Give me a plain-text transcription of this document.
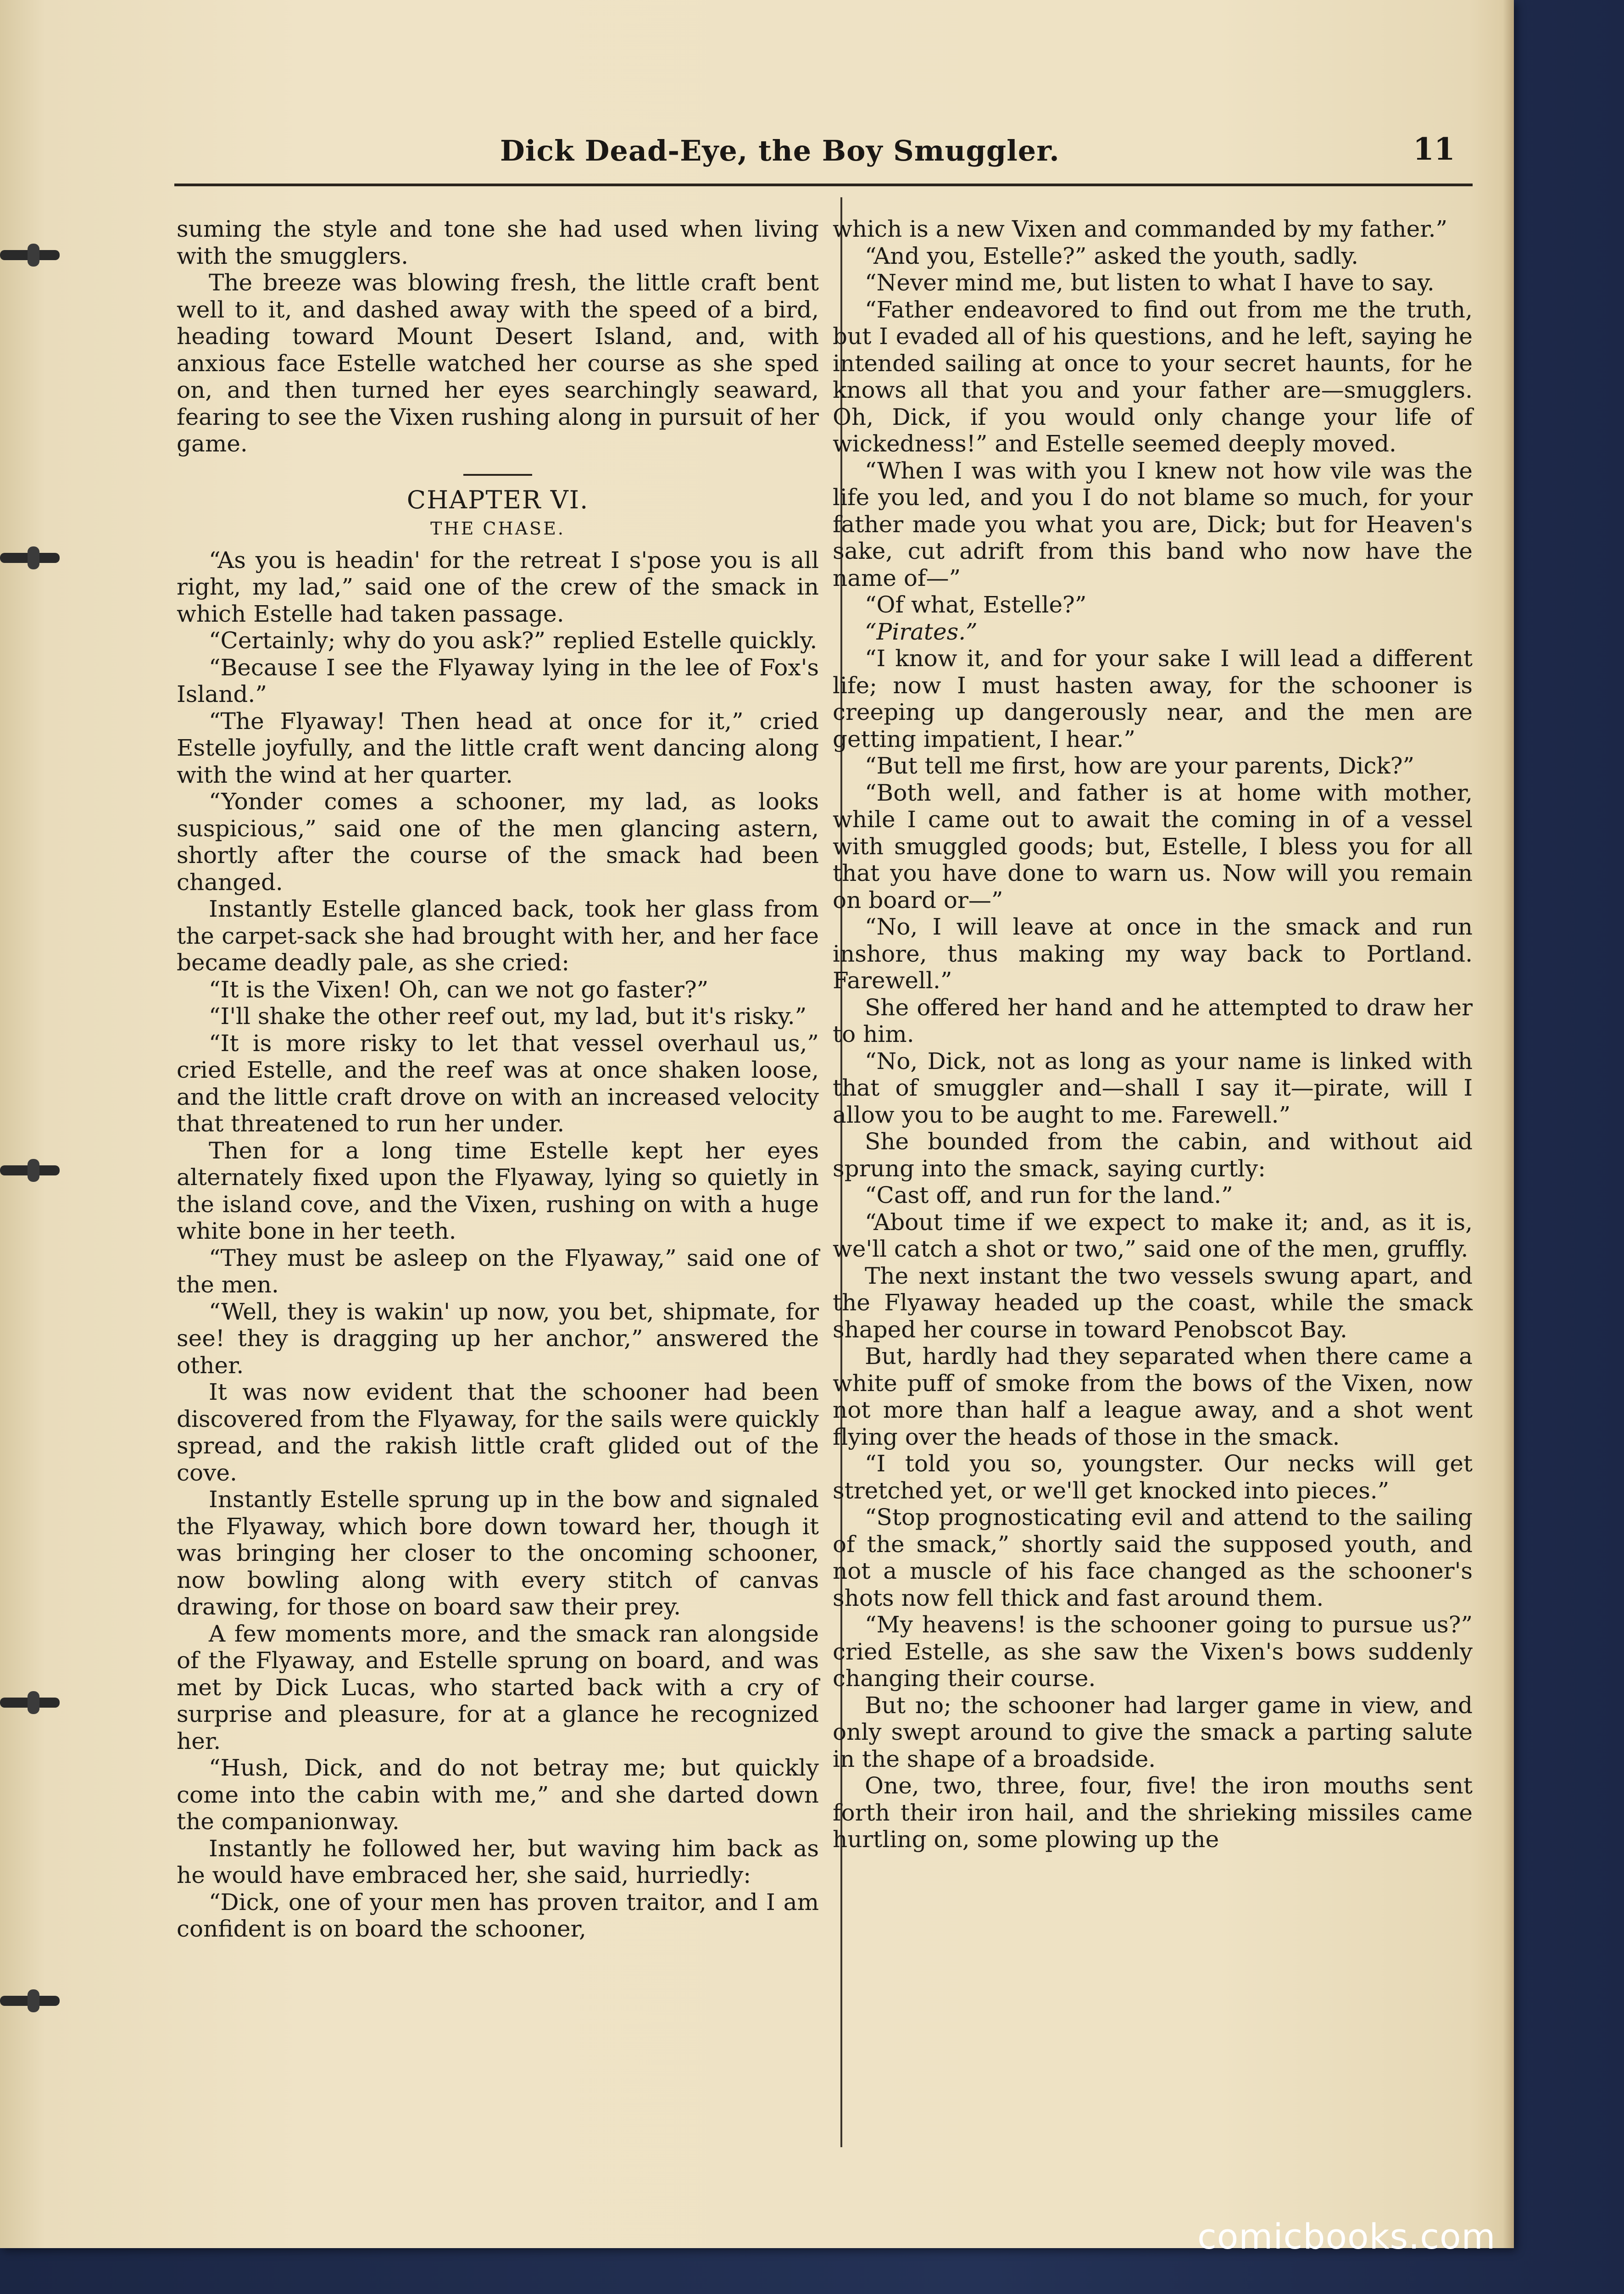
Dick Dead-Eye, the Boy Smuggler.	11

suming the style and tone she had used when living with the smugglers.

The breeze was blowing fresh, the little craft bent well to it, and dashed away with the speed of a bird, heading toward Mount Desert Island, and, with anxious face Estelle watched her course as she sped on, and then turned her eyes searchingly seaward, fearing to see the Vixen rushing along in pursuit of her game.

CHAPTER VI.
THE CHASE.

“As you is headin' for the retreat I s'pose you is all right, my lad,” said one of the crew of the smack in which Estelle had taken passage.

“Certainly; why do you ask?” replied Estelle quickly.

“Because I see the Flyaway lying in the lee of Fox's Island.”

“The Flyaway! Then head at once for it,” cried Estelle joyfully, and the little craft went dancing along with the wind at her quarter.

“Yonder comes a schooner, my lad, as looks suspicious,” said one of the men glancing astern, shortly after the course of the smack had been changed.

Instantly Estelle glanced back, took her glass from the carpet-sack she had brought with her, and her face became deadly pale, as she cried:

“It is the Vixen! Oh, can we not go faster?”

“I'll shake the other reef out, my lad, but it's risky.”

“It is more risky to let that vessel overhaul us,” cried Estelle, and the reef was at once shaken loose, and the little craft drove on with an increased velocity that threatened to run her under.

Then for a long time Estelle kept her eyes alternately fixed upon the Flyaway, lying so quietly in the island cove, and the Vixen, rushing on with a huge white bone in her teeth.

“They must be asleep on the Flyaway,” said one of the men.

“Well, they is wakin' up now, you bet, shipmate, for see! they is dragging up her anchor,” answered the other.

It was now evident that the schooner had been discovered from the Flyaway, for the sails were quickly spread, and the rakish little craft glided out of the cove.

Instantly Estelle sprung up in the bow and signaled the Flyaway, which bore down toward her, though it was bringing her closer to the oncoming schooner, now bowling along with every stitch of canvas drawing, for those on board saw their prey.

A few moments more, and the smack ran alongside of the Flyaway, and Estelle sprung on board, and was met by Dick Lucas, who started back with a cry of surprise and pleasure, for at a glance he recognized her.

“Hush, Dick, and do not betray me; but quickly come into the cabin with me,” and she darted down the companionway.

Instantly he followed her, but waving him back as he would have embraced her, she said, hurriedly:

“Dick, one of your men has proven traitor, and I am confident is on board the schooner,

which is a new Vixen and commanded by my father.”

“And you, Estelle?” asked the youth, sadly.

“Never mind me, but listen to what I have to say.

“Father endeavored to find out from me the truth, but I evaded all of his questions, and he left, saying he intended sailing at once to your secret haunts, for he knows all that you and your father are—smugglers. Oh, Dick, if you would only change your life of wickedness!” and Estelle seemed deeply moved.

“When I was with you I knew not how vile was the life you led, and you I do not blame so much, for your father made you what you are, Dick; but for Heaven's sake, cut adrift from this band who now have the name of—”

“Of what, Estelle?”

“Pirates.”

“I know it, and for your sake I will lead a different life; now I must hasten away, for the schooner is creeping up dangerously near, and the men are getting impatient, I hear.”

“But tell me first, how are your parents, Dick?”

“Both well, and father is at home with mother, while I came out to await the coming in of a vessel with smuggled goods; but, Estelle, I bless you for all that you have done to warn us. Now will you remain on board or—”

“No, I will leave at once in the smack and run inshore, thus making my way back to Portland. Farewell.”

She offered her hand and he attempted to draw her to him.

“No, Dick, not as long as your name is linked with that of smuggler and—shall I say it—pirate, will I allow you to be aught to me. Farewell.”

She bounded from the cabin, and without aid sprung into the smack, saying curtly:

“Cast off, and run for the land.”

“About time if we expect to make it; and, as it is, we'll catch a shot or two,” said one of the men, gruffly.

The next instant the two vessels swung apart, and the Flyaway headed up the coast, while the smack shaped her course in toward Penobscot Bay.

But, hardly had they separated when there came a white puff of smoke from the bows of the Vixen, now not more than half a league away, and a shot went flying over the heads of those in the smack.

“I told you so, youngster. Our necks will get stretched yet, or we'll get knocked into pieces.”

“Stop prognosticating evil and attend to the sailing of the smack,” shortly said the supposed youth, and not a muscle of his face changed as the schooner's shots now fell thick and fast around them.

“My heavens! is the schooner going to pursue us?” cried Estelle, as she saw the Vixen's bows suddenly changing their course.

But no; the schooner had larger game in view, and only swept around to give the smack a parting salute in the shape of a broadside.

One, two, three, four, five! the iron mouths sent forth their iron hail, and the shrieking missiles came hurtling on, some plowing up the

comicbooks.com
